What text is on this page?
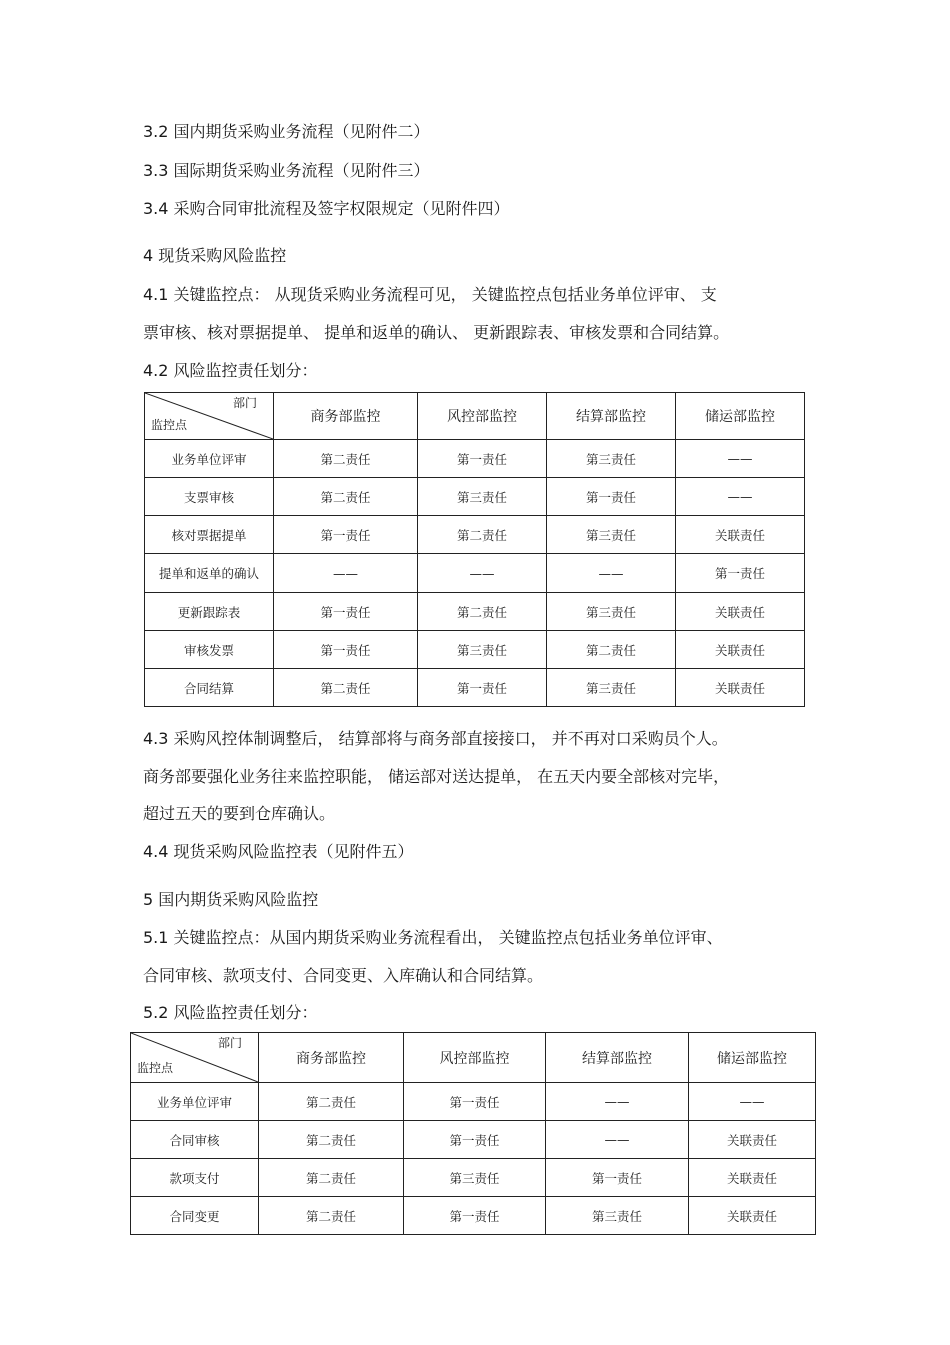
3.2 国内期货采购业务流程（见附件二）
3.3 国际期货采购业务流程（见附件三）
3.4 采购合同审批流程及签字权限规定（见附件四）
4 现货采购风险监控
4.1 关键监控点： 从现货采购业务流程可见， 关键监控点包括业务单位评审、 支
票审核、核对票据提单、 提单和返单的确认、 更新跟踪表、审核发票和合同结算。
4.2 风险监控责任划分：
部门
监控点	商务部监控	风控部监控	结算部监控	储运部监控
业务单位评审	第二责任	第一责任	第三责任	——
支票审核	第二责任	第三责任	第一责任	——
核对票据提单	第一责任	第二责任	第三责任	关联责任
提单和返单的确认	——	——	——	第一责任
更新跟踪表	第一责任	第二责任	第三责任	关联责任
审核发票	第一责任	第三责任	第二责任	关联责任
合同结算	第二责任	第一责任	第三责任	关联责任
4.3 采购风控体制调整后， 结算部将与商务部直接接口， 并不再对口采购员个人。
商务部要强化业务往来监控职能， 储运部对送达提单， 在五天内要全部核对完毕，
超过五天的要到仓库确认。
4.4 现货采购风险监控表（见附件五）
5 国内期货采购风险监控
5.1 关键监控点：从国内期货采购业务流程看出， 关键监控点包括业务单位评审、
合同审核、款项支付、合同变更、入库确认和合同结算。
5.2 风险监控责任划分：
部门
监控点	商务部监控	风控部监控	结算部监控	储运部监控
业务单位评审	第二责任	第一责任	——	——
合同审核	第二责任	第一责任	——	关联责任
款项支付	第二责任	第三责任	第一责任	关联责任
合同变更	第二责任	第一责任	第三责任	关联责任
